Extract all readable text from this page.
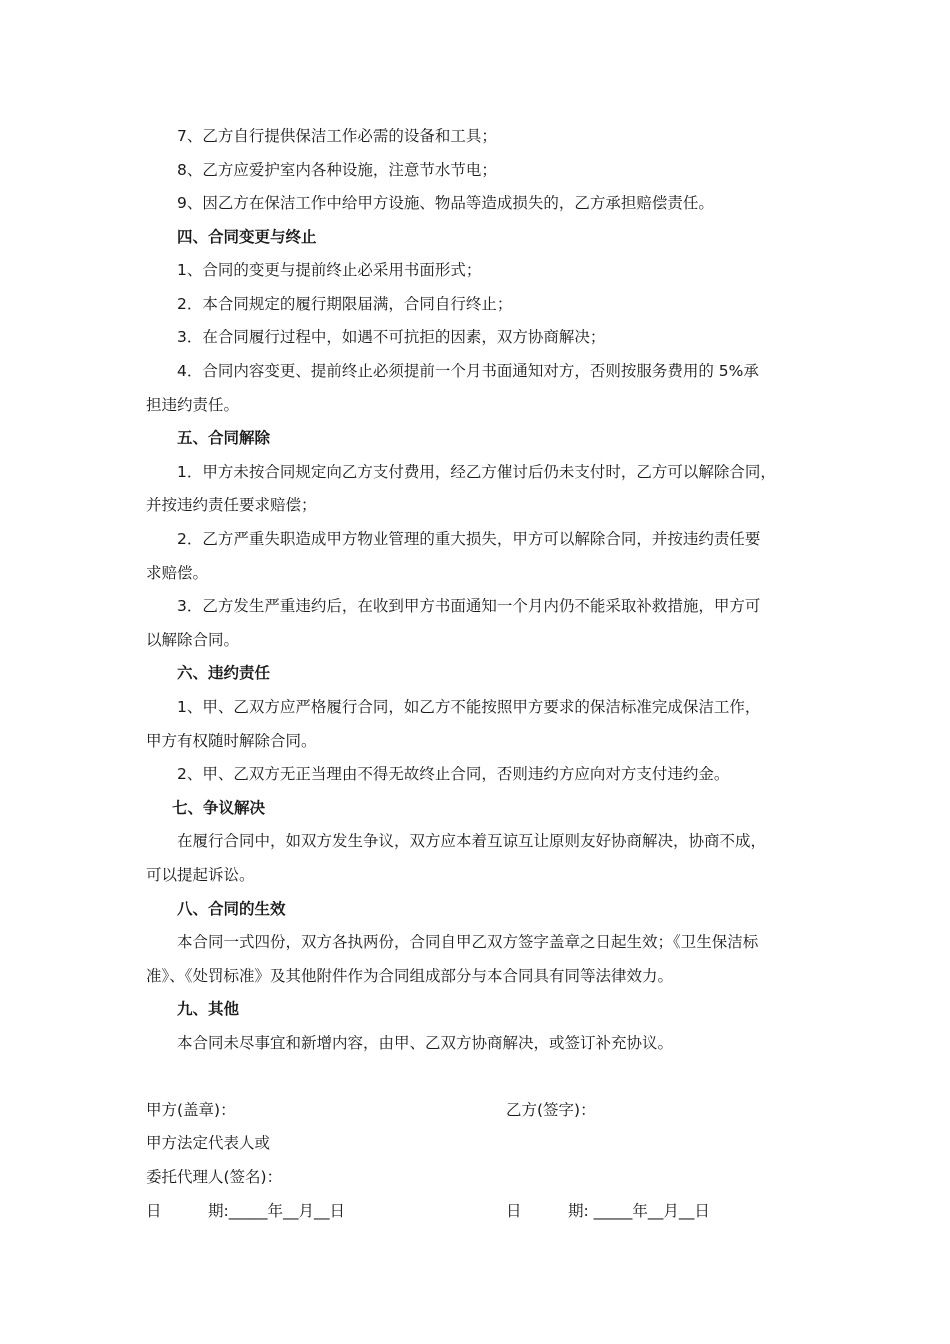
7、乙方自行提供保洁工作必需的设备和工具；
8、乙方应爱护室内各种设施，注意节水节电；
9、因乙方在保洁工作中给甲方设施、物品等造成损失的，乙方承担赔偿责任。
四、合同变更与终止
1、合同的变更与提前终止必采用书面形式；
2．本合同规定的履行期限届满，合同自行终止；
3．在合同履行过程中，如遇不可抗拒的因素，双方协商解决；
4．合同内容变更、提前终止必须提前一个月书面通知对方，否则按服务费用的 5%承
担违约责任。
五、合同解除
1．甲方未按合同规定向乙方支付费用，经乙方催讨后仍未支付时，乙方可以解除合同，
并按违约责任要求赔偿；
2．乙方严重失职造成甲方物业管理的重大损失，甲方可以解除合同，并按违约责任要
求赔偿。
3．乙方发生严重违约后，在收到甲方书面通知一个月内仍不能采取补救措施，甲方可
以解除合同。
六、违约责任
1、甲、乙双方应严格履行合同，如乙方不能按照甲方要求的保洁标准完成保洁工作，
甲方有权随时解除合同。
2、甲、乙双方无正当理由不得无故终止合同，否则违约方应向对方支付违约金。
七、争议解决
在履行合同中，如双方发生争议，双方应本着互谅互让原则友好协商解决，协商不成，
可以提起诉讼。
八、合同的生效
本合同一式四份，双方各执两份，合同自甲乙双方签字盖章之日起生效；《卫生保洁标
准》、《处罚标准》及其他附件作为合同组成部分与本合同具有同等法律效力。
九、其他
本合同未尽事宜和新增内容，由甲、乙双方协商解决，或签订补充协议。
甲方(盖章)：	乙方(签字)：
甲方法定代表人或
委托代理人(签名)：
日　　　期:_____年__月__日	日　　　期: _____年__月__日
